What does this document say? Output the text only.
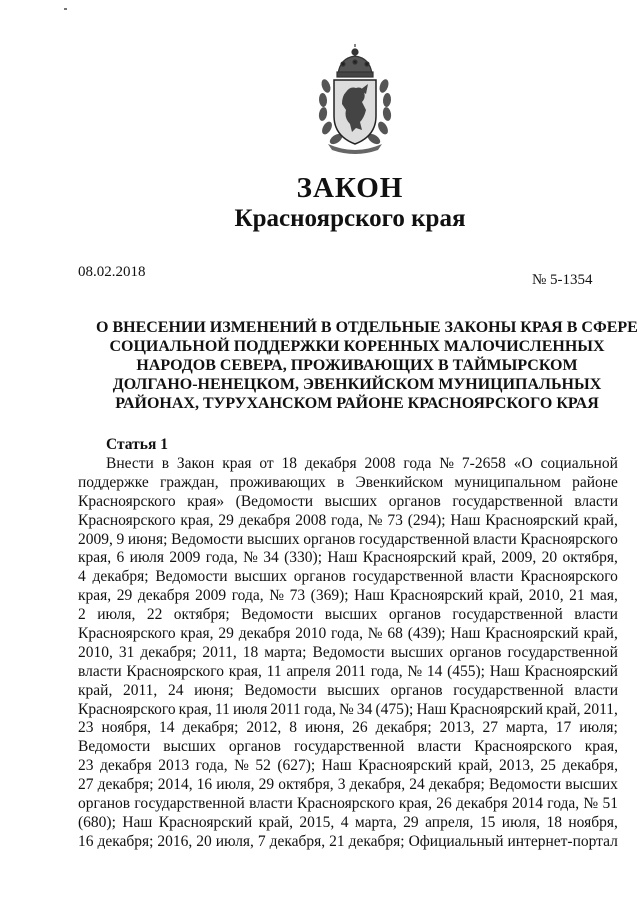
ЗАКОН
Красноярского края
08.02.2018	№ 5-1354
О ВНЕСЕНИИ ИЗМЕНЕНИЙ В ОТДЕЛЬНЫЕ ЗАКОНЫ КРАЯ В СФЕРЕ
СОЦИАЛЬНОЙ ПОДДЕРЖКИ КОРЕННЫХ МАЛОЧИСЛЕННЫХ
НАРОДОВ СЕВЕРА, ПРОЖИВАЮЩИХ В ТАЙМЫРСКОМ
ДОЛГАНО-НЕНЕЦКОМ, ЭВЕНКИЙСКОМ МУНИЦИПАЛЬНЫХ
РАЙОНАХ, ТУРУХАНСКОМ РАЙОНЕ КРАСНОЯРСКОГО КРАЯ
Статья 1
Внести в Закон края от 18 декабря 2008 года № 7-2658 «О социальной
поддержке граждан, проживающих в Эвенкийском муниципальном районе
Красноярского края» (Ведомости высших органов государственной власти
Красноярского края, 29 декабря 2008 года, № 73 (294); Наш Красноярский край,
2009, 9 июня; Ведомости высших органов государственной власти Красноярского
края, 6 июля 2009 года, № 34 (330); Наш Красноярский край, 2009, 20 октября,
4 декабря; Ведомости высших органов государственной власти Красноярского
края, 29 декабря 2009 года, № 73 (369); Наш Красноярский край, 2010, 21 мая,
2 июля, 22 октября; Ведомости высших органов государственной власти
Красноярского края, 29 декабря 2010 года, № 68 (439); Наш Красноярский край,
2010, 31 декабря; 2011, 18 марта; Ведомости высших органов государственной
власти Красноярского края, 11 апреля 2011 года, № 14 (455); Наш Красноярский
край, 2011, 24 июня; Ведомости высших органов государственной власти
Красноярского края, 11 июля 2011 года, № 34 (475); Наш Красноярский край, 2011,
23 ноября, 14 декабря; 2012, 8 июня, 26 декабря; 2013, 27 марта, 17 июля;
Ведомости высших органов государственной власти Красноярского края,
23 декабря 2013 года, № 52 (627); Наш Красноярский край, 2013, 25 декабря,
27 декабря; 2014, 16 июля, 29 октября, 3 декабря, 24 декабря; Ведомости высших
органов государственной власти Красноярского края, 26 декабря 2014 года, № 51
(680); Наш Красноярский край, 2015, 4 марта, 29 апреля, 15 июля, 18 ноября,
16 декабря; 2016, 20 июля, 7 декабря, 21 декабря; Официальный интернет-портал
